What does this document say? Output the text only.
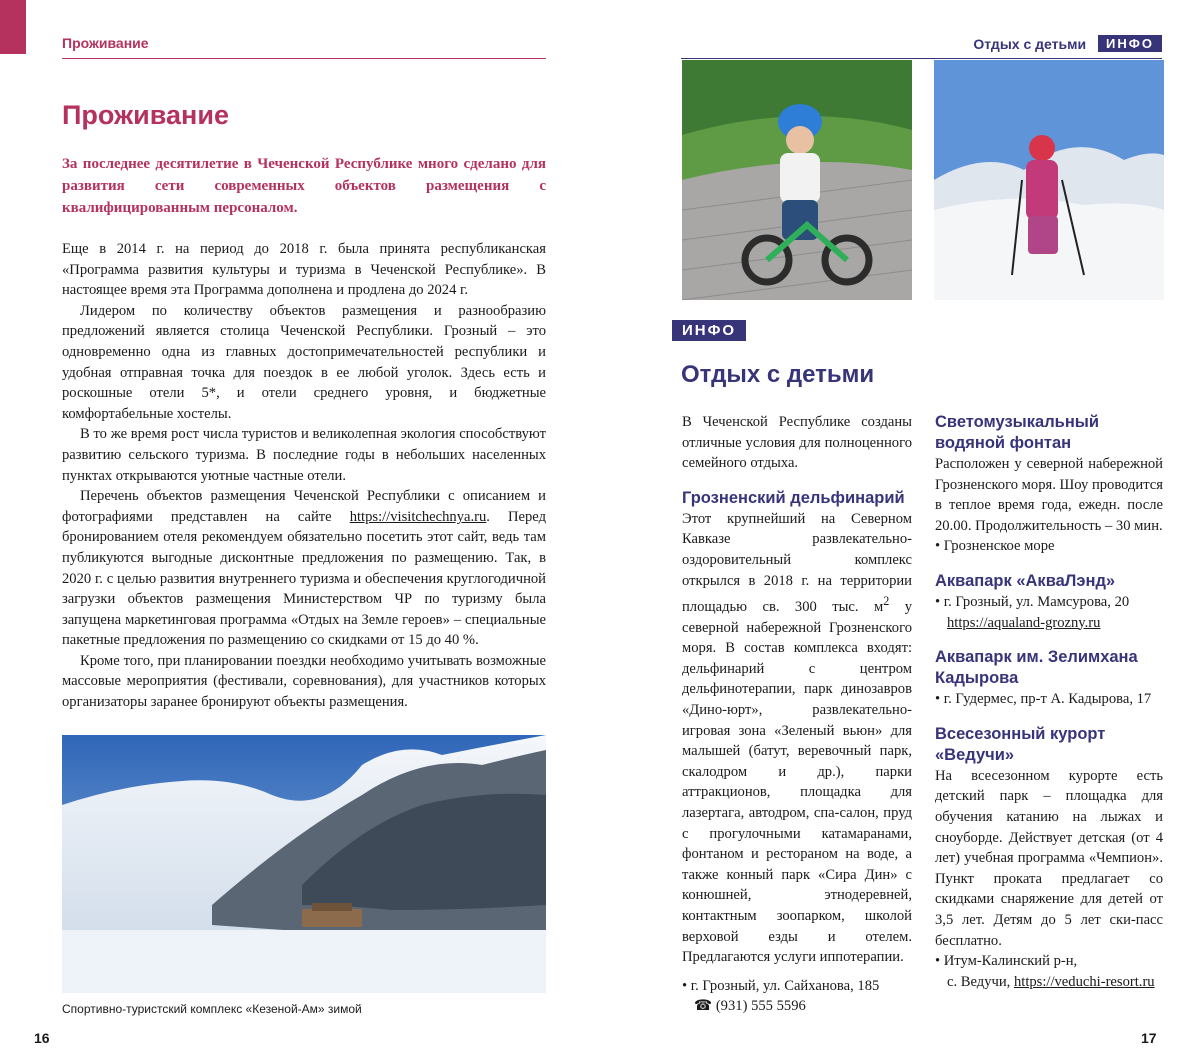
Проживание
Проживание
За последнее десятилетие в Чеченской Республике много сделано для развития сети современных объектов размещения с квалифицированным персоналом.

Еще в 2014 г. на период до 2018 г. была принята республиканская «Программа развития культуры и туризма в Чеченской Республике». В настоящее время эта Программа дополнена и продлена до 2024 г.

Лидером по количеству объектов размещения и разнообразию предложений является столица Чеченской Республики. Грозный – это одновременно одна из главных достопримечательностей республики и удобная отправная точка для поездок в ее любой уголок. Здесь есть и роскошные отели 5*, и отели среднего уровня, и бюджетные комфортабельные хостелы.

В то же время рост числа туристов и великолепная экология способствуют развитию сельского туризма. В последние годы в небольших населенных пунктах открываются уютные частные отели.

Перечень объектов размещения Чеченской Республики с описанием и фотографиями представлен на сайте https://visitchechnya.ru. Перед бронированием отеля рекомендуем обязательно посетить этот сайт, ведь там публикуются выгодные дисконтные предложения по размещению. Так, в 2020 г. с целью развития внутреннего туризма и обеспечения круглогодичной загрузки объектов размещения Министерством ЧР по туризму была запущена маркетинговая программа «Отдых на Земле героев» – специальные пакетные предложения по размещению со скидками от 15 до 40 %.

Кроме того, при планировании поездки необходимо учитывать возможные массовые мероприятия (фестивали, соревнования), для участников которых организаторы заранее бронируют объекты размещения.

Спортивно-туристский комплекс «Кезеной-Ам» зимой
16
Отдых с детьми	ИНФО
ИНФО
Отдых с детьми

В Чеченской Республике созданы отличные условия для полноценного семейного отдыха.

Грозненский дельфинарий

Этот крупнейший на Северном Кавказе развлекательно-оздоровительный комплекс открылся в 2018 г. на территории площадью св. 300 тыс. $м^2$ у северной набережной Грозненского моря. В состав комплекса входят: дельфинарий с центром дельфинотерапии, парк динозавров «Дино-юрт», развлекательно-игровая зона «Зеленый вьюн» для малышей (батут, веревочный парк, скалодром и др.), парки аттракционов, площадка для лазертага, автодром, спа-салон, пруд с прогулочными катамаранами, фонтаном и рестораном на воде, а также конный парк «Сира Дин» с конюшней, этнодеревней, контактным зоопарком, школой верховой езды и отелем. Предлагаются услуги иппотерапии.

• г. Грозный, ул. Сайханова, 185
☎ (931) 555 5596
Светомузыкальный водяной фонтан

Расположен у северной набережной Грозненского моря. Шоу проводится в теплое время года, ежедн. после 20.00. Продолжительность – 30 мин.

• Грозненское море
Аквапарк «АкваЛэнд»
• г. Грозный, ул. Мамсурова, 20
https://aqualand-grozny.ru
Аквапарк им. Зелимхана Кадырова
• г. Гудермес, пр-т А. Кадырова, 17
Всесезонный курорт «Ведучи»

На всесезонном курорте есть детский парк – площадка для обучения катанию на лыжах и сноуборде. Действует детская (от 4 лет) учебная программа «Чемпион». Пункт проката предлагает со скидками снаряжение для детей от 3,5 лет. Детям до 5 лет ски-пасс бесплатно.

• Итум-Калинский р-н,
с. Ведучи, https://veduchi-resort.ru
17
